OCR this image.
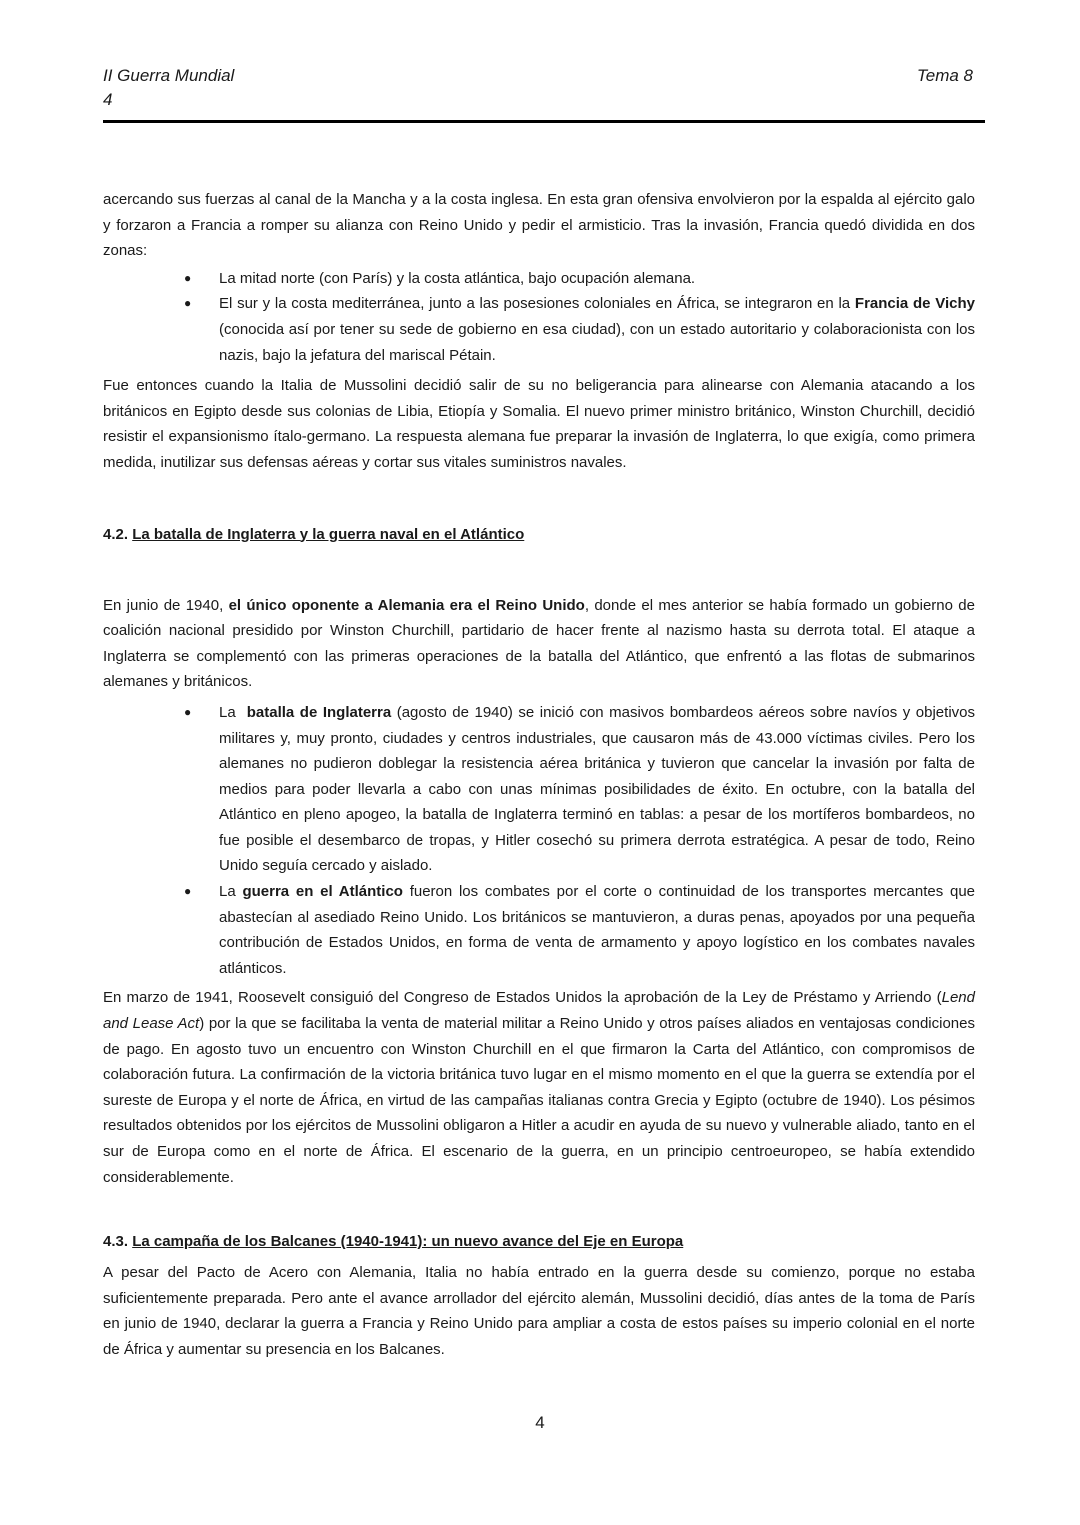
II Guerra Mundial
4
Tema 8

acercando sus fuerzas al canal de la Mancha y a la costa inglesa. En esta gran ofensiva envolvieron por la espalda al ejército galo y forzaron a Francia a romper su alianza con Reino Unido y pedir el armisticio. Tras la invasión, Francia quedó dividida en dos zonas:

● La mitad norte (con París) y la costa atlántica, bajo ocupación alemana.
● El sur y la costa mediterránea, junto a las posesiones coloniales en África, se integraron en la Francia de Vichy (conocida así por tener su sede de gobierno en esa ciudad), con un estado autoritario y colaboracionista con los nazis, bajo la jefatura del mariscal Pétain.

Fue entonces cuando la Italia de Mussolini decidió salir de su no beligerancia para alinearse con Alemania atacando a los británicos en Egipto desde sus colonias de Libia, Etiopía y Somalia. El nuevo primer ministro británico, Winston Churchill, decidió resistir el expansionismo ítalo-germano. La respuesta alemana fue preparar la invasión de Inglaterra, lo que exigía, como primera medida, inutilizar sus defensas aéreas y cortar sus vitales suministros navales.

4.2. La batalla de Inglaterra y la guerra naval en el Atlántico

En junio de 1940, el único oponente a Alemania era el Reino Unido, donde el mes anterior se había formado un gobierno de coalición nacional presidido por Winston Churchill, partidario de hacer frente al nazismo hasta su derrota total. El ataque a Inglaterra se complementó con las primeras operaciones de la batalla del Atlántico, que enfrentó a las flotas de submarinos alemanes y británicos.

● La  batalla de Inglaterra (agosto de 1940) se inició con masivos bombardeos aéreos sobre navíos y objetivos militares y, muy pronto, ciudades y centros industriales, que causaron más de 43.000 víctimas civiles. Pero los alemanes no pudieron doblegar la resistencia aérea británica y tuvieron que cancelar la invasión por falta de medios para poder llevarla a cabo con unas mínimas posibilidades de éxito. En octubre, con la batalla del Atlántico en pleno apogeo, la batalla de Inglaterra terminó en tablas: a pesar de los mortíferos bombardeos, no fue posible el desembarco de tropas, y Hitler cosechó su primera derrota estratégica. A pesar de todo, Reino Unido seguía cercado y aislado.
● La guerra en el Atlántico fueron los combates por el corte o continuidad de los transportes mercantes que abastecían al asediado Reino Unido. Los británicos se mantuvieron, a duras penas, apoyados por una pequeña contribución de Estados Unidos, en forma de venta de armamento y apoyo logístico en los combates navales atlánticos.

En marzo de 1941, Roosevelt consiguió del Congreso de Estados Unidos la aprobación de la Ley de Préstamo y Arriendo (Lend and Lease Act) por la que se facilitaba la venta de material militar a Reino Unido y otros países aliados en ventajosas condiciones de pago. En agosto tuvo un encuentro con Winston Churchill en el que firmaron la Carta del Atlántico, con compromisos de colaboración futura. La confirmación de la victoria británica tuvo lugar en el mismo momento en el que la guerra se extendía por el sureste de Europa y el norte de África, en virtud de las campañas italianas contra Grecia y Egipto (octubre de 1940). Los pésimos resultados obtenidos por los ejércitos de Mussolini obligaron a Hitler a acudir en ayuda de su nuevo y vulnerable aliado, tanto en el sur de Europa como en el norte de África. El escenario de la guerra, en un principio centroeuropeo, se había extendido considerablemente.

4.3. La campaña de los Balcanes (1940-1941): un nuevo avance del Eje en Europa

A pesar del Pacto de Acero con Alemania, Italia no había entrado en la guerra desde su comienzo, porque no estaba suficientemente preparada. Pero ante el avance arrollador del ejército alemán, Mussolini decidió, días antes de la toma de París en junio de 1940, declarar la guerra a Francia y Reino Unido para ampliar a costa de estos países su imperio colonial en el norte de África y aumentar su presencia en los Balcanes.

4
